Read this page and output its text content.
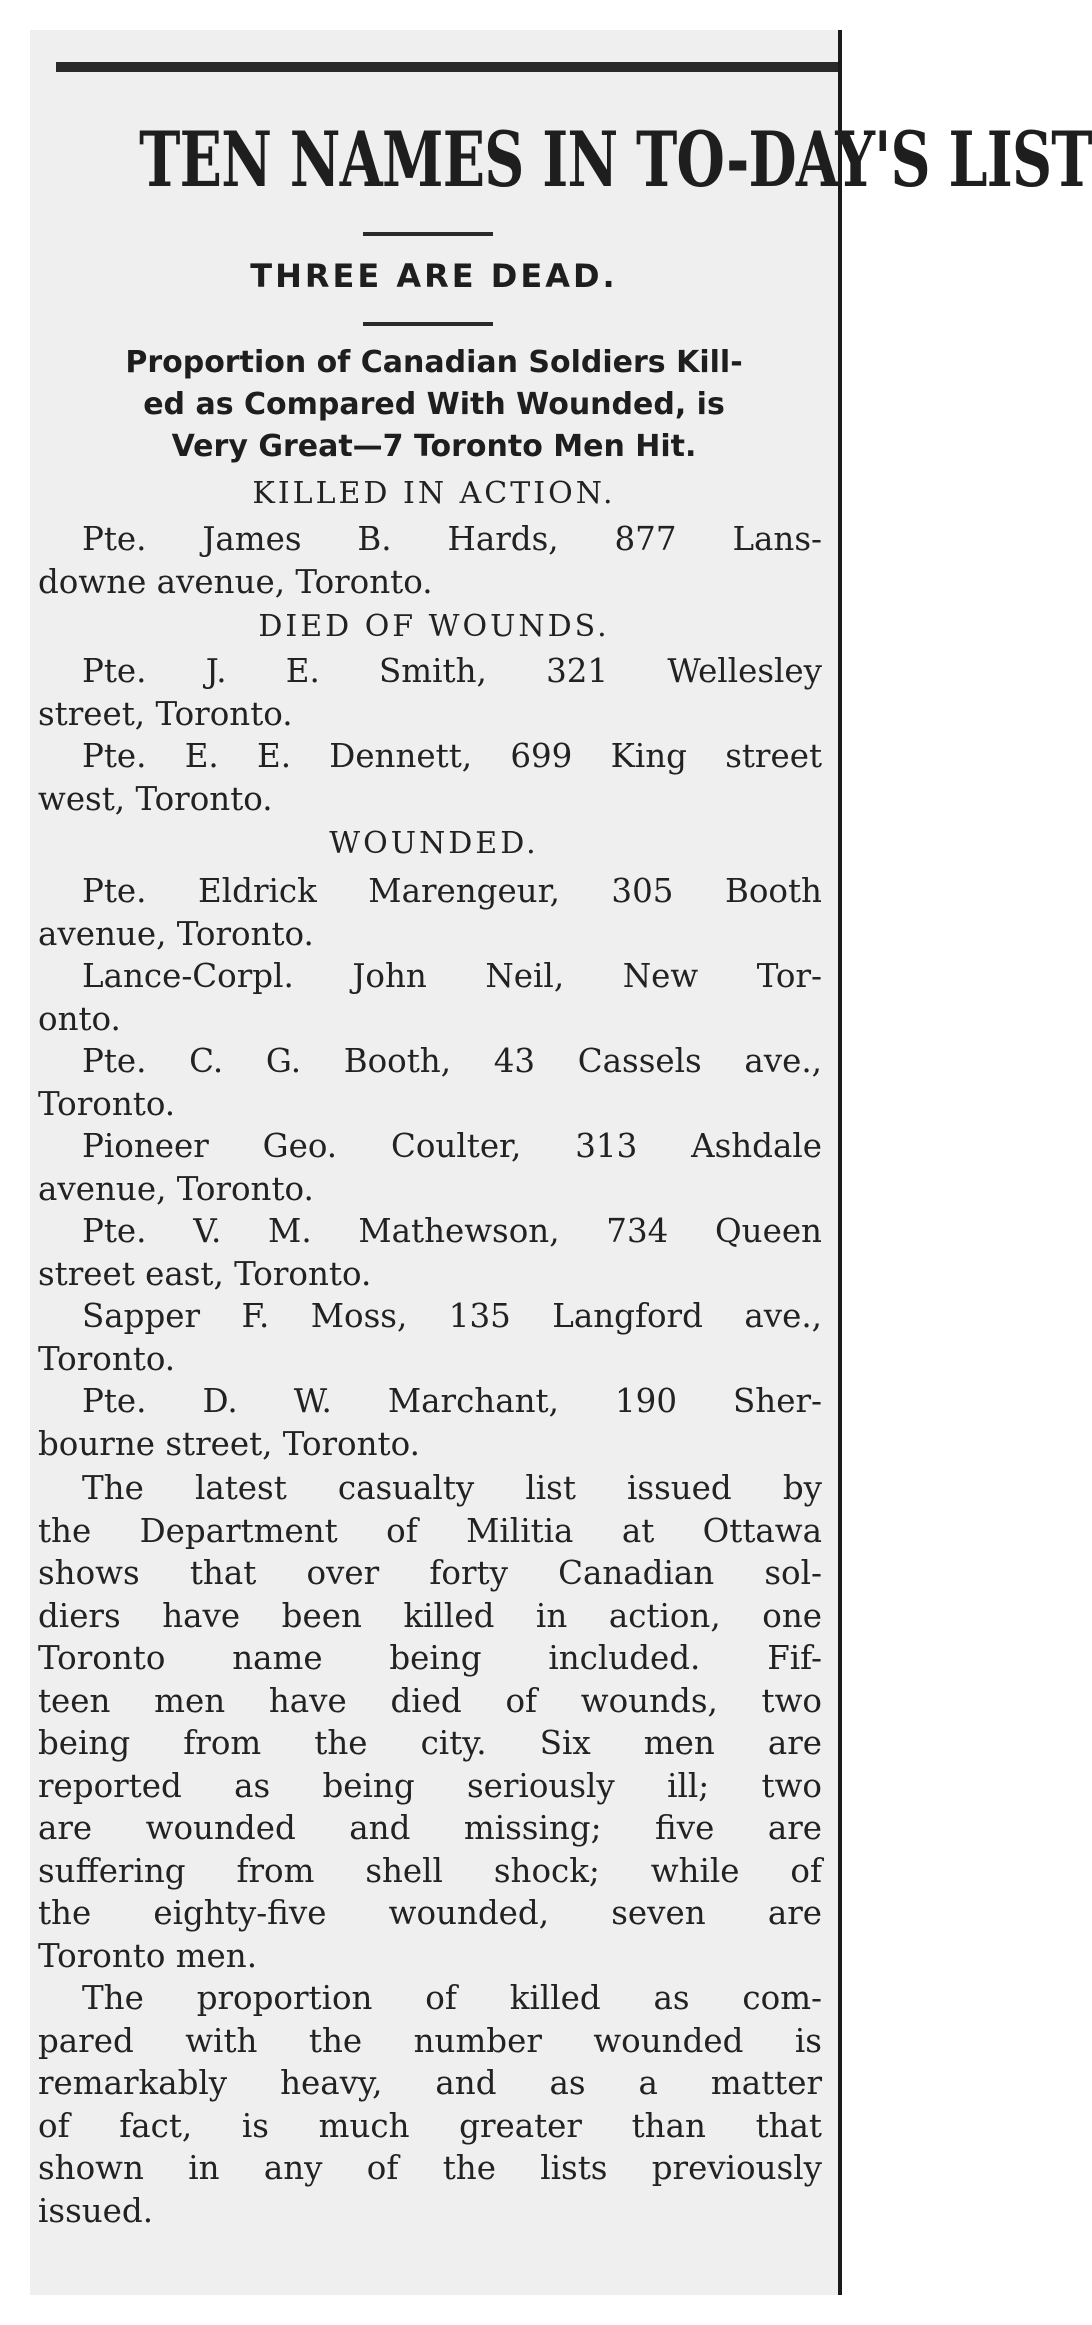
TEN NAMES IN TO-DAY'S LIST
THREE ARE DEAD.
Proportion of Canadian Soldiers Kill-
ed as Compared With Wounded, is
Very Great—7 Toronto Men Hit.
KILLED IN ACTION.
Pte. James B. Hards, 877 Lans-
downe avenue, Toronto.
DIED OF WOUNDS.
Pte. J. E. Smith, 321 Wellesley
street, Toronto.
Pte. E. E. Dennett, 699 King street
west, Toronto.
WOUNDED.
Pte. Eldrick Marengeur, 305 Booth
avenue, Toronto.
Lance-Corpl. John Neil, New Tor-
onto.
Pte. C. G. Booth, 43 Cassels ave.,
Toronto.
Pioneer Geo. Coulter, 313 Ashdale
avenue, Toronto.
Pte. V. M. Mathewson, 734 Queen
street east, Toronto.
Sapper F. Moss, 135 Langford ave.,
Toronto.
Pte. D. W. Marchant, 190 Sher-
bourne street, Toronto.
The latest casualty list issued by
the Department of Militia at Ottawa
shows that over forty Canadian sol-
diers have been killed in action, one
Toronto name being included. Fif-
teen men have died of wounds, two
being from the city. Six men are
reported as being seriously ill; two
are wounded and missing; five are
suffering from shell shock; while of
the eighty-five wounded, seven are
Toronto men.
The proportion of killed as com-
pared with the number wounded is
remarkably heavy, and as a matter
of fact, is much greater than that
shown in any of the lists previously
issued.
